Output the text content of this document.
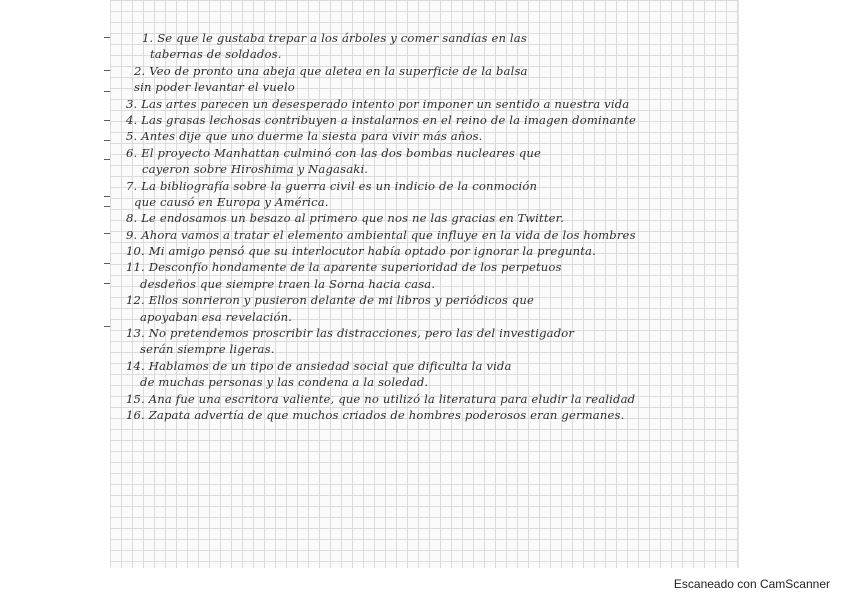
1. Se que le gustaba trepar a los árboles y comer sandías en las
tabernas de soldados.
2. Veo de pronto una abeja que aletea en la superficie de la balsa
sin poder levantar el vuelo
3. Las artes parecen un desesperado intento por imponer un sentido a nuestra vida
4. Las grasas lechosas contribuyen a instalarnos en el reino de la imagen dominante
5. Antes dije que uno duerme la siesta para vivir más años.
6. El proyecto Manhattan culminó con las dos bombas nucleares que
cayeron sobre Hiroshima y Nagasaki.
7. La bibliografía sobre la guerra civil es un indicio de la conmoción
que causó en Europa y América.
8. Le endosamos un besazo al primero que nos ne las gracias en Twitter.
9. Ahora vamos a tratar el elemento ambiental que influye en la vida de los hombres
10. Mi amigo pensó que su interlocutor había optado por ignorar la pregunta.
11. Desconfío hondamente de la aparente superioridad de los perpetuos
desdeños que siempre traen la Sorna hacia casa.
12. Ellos sonrieron y pusieron delante de mi libros y periódicos que
apoyaban esa revelación.
13. No pretendemos proscribir las distracciones, pero las del investigador
serán siempre ligeras.
14. Hablamos de un tipo de ansiedad social que dificulta la vida
de muchas personas y las condena a la soledad.
15. Ana fue una escritora valiente, que no utilizó la literatura para eludir la realidad
16. Zapata advertía de que muchos criados de hombres poderosos eran germanes.
Escaneado con CamScanner
